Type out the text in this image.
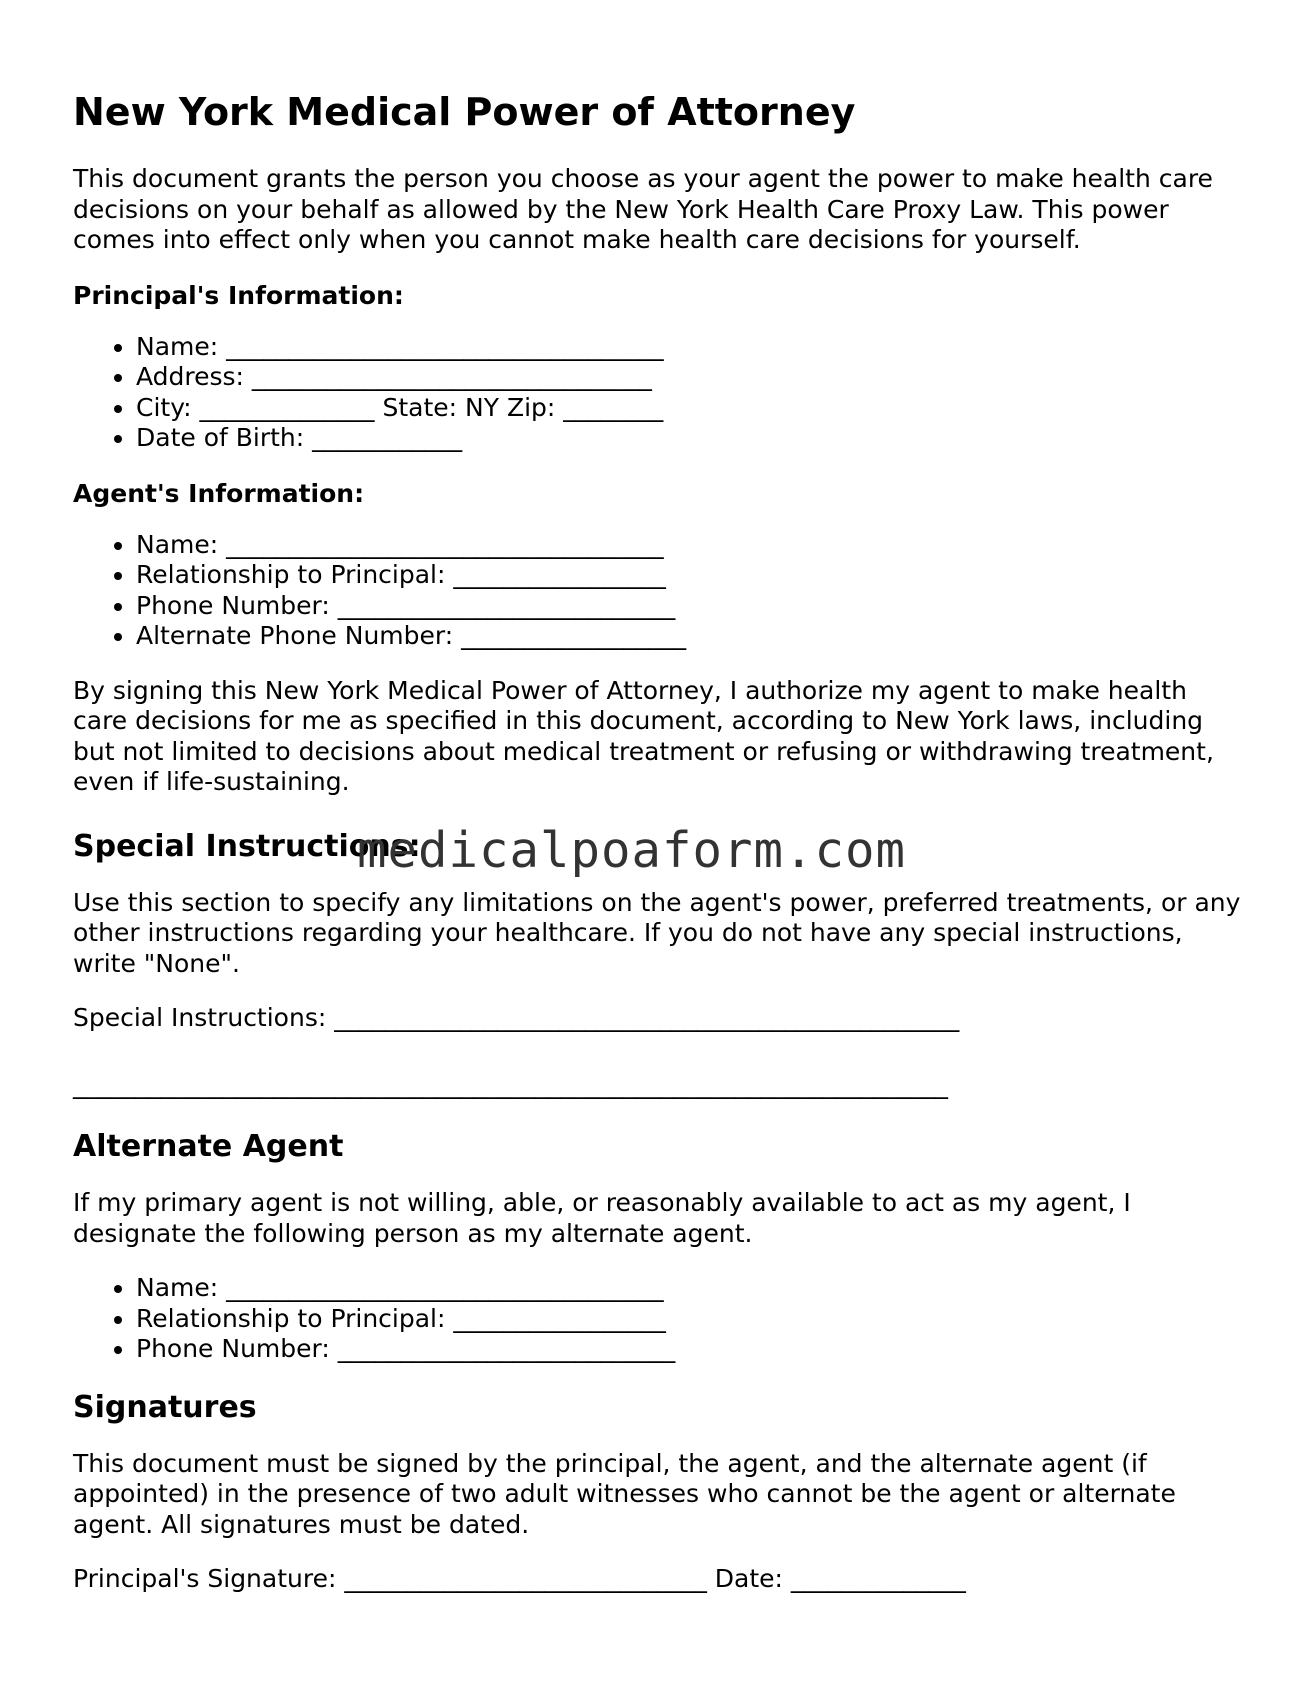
New York Medical Power of Attorney

This document grants the person you choose as your agent the power to make health care decisions on your behalf as allowed by the New York Health Care Proxy Law. This power comes into effect only when you cannot make health care decisions for yourself.

Principal's Information:
• Name: ___________________________________
• Address: ________________________________
• City: ______________ State: NY Zip: ________
• Date of Birth: ____________
Agent's Information:
• Name: ___________________________________
• Relationship to Principal: _________________
• Phone Number: ___________________________
• Alternate Phone Number: __________________

By signing this New York Medical Power of Attorney, I authorize my agent to make health care decisions for me as specified in this document, according to New York laws, including but not limited to decisions about medical treatment or refusing or withdrawing treatment, even if life-sustaining.

Special Instructions:

Use this section to specify any limitations on the agent's power, preferred treatments, or any other instructions regarding your healthcare. If you do not have any special instructions, write "None".

Special Instructions: __________________________________________________

______________________________________________________________________

Alternate Agent

If my primary agent is not willing, able, or reasonably available to act as my agent, I designate the following person as my alternate agent.

• Name: ___________________________________
• Relationship to Principal: _________________
• Phone Number: ___________________________
Signatures

This document must be signed by the principal, the agent, and the alternate agent (if appointed) in the presence of two adult witnesses who cannot be the agent or alternate agent. All signatures must be dated.

Principal's Signature: _____________________________ Date: ______________

medicalpoaform.com
